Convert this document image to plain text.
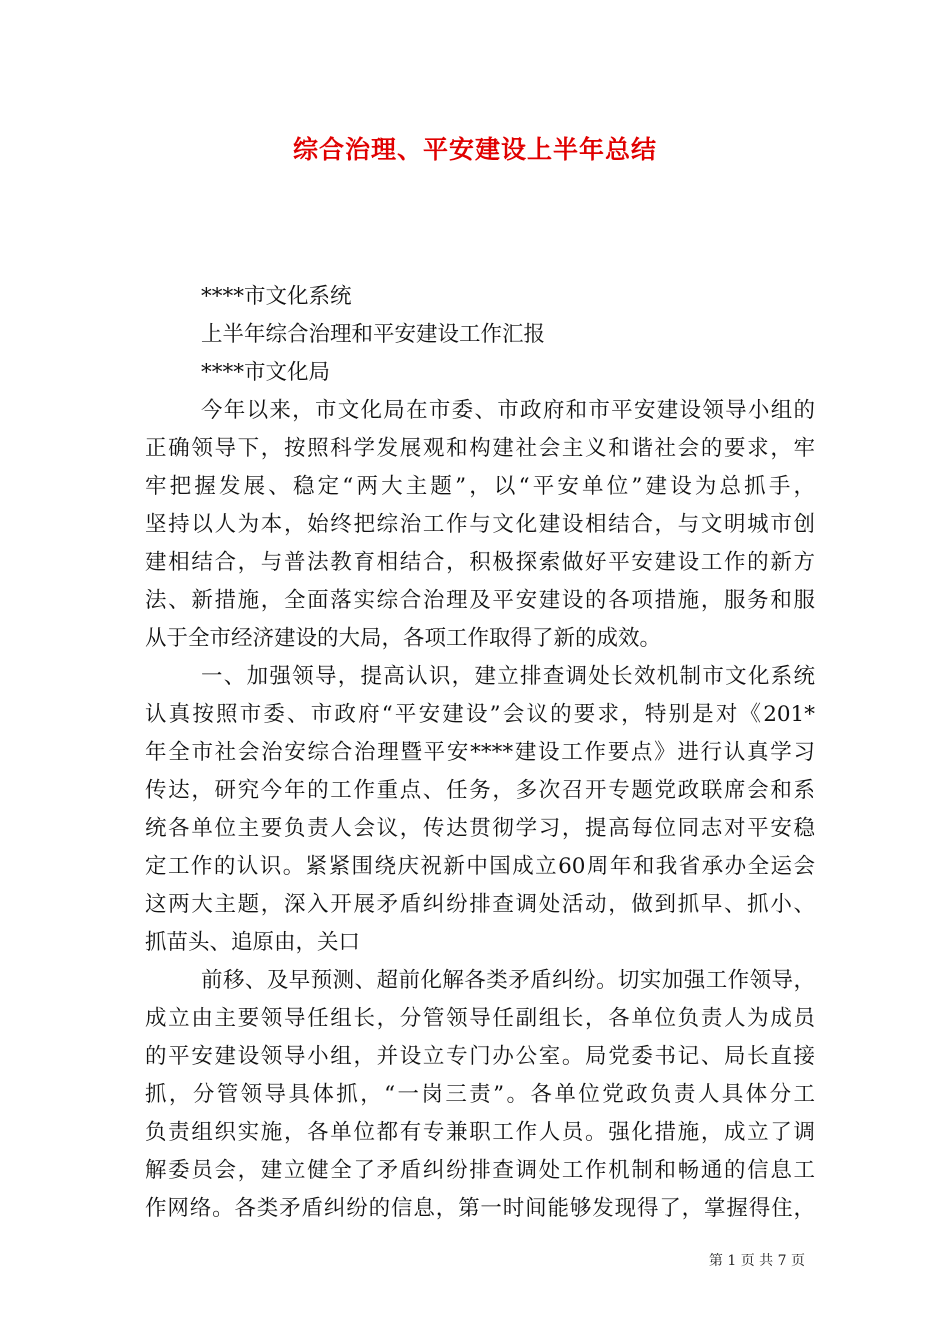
综合治理、平安建设上半年总结
****市文化系统
上半年综合治理和平安建设工作汇报
****市文化局
今年以来，市文化局在市委、市政府和市平安建设领导小组的
正确领导下，按照科学发展观和构建社会主义和谐社会的要求，牢
牢把握发展、稳定“两大主题”，以“平安单位”建设为总抓手，
坚持以人为本，始终把综治工作与文化建设相结合，与文明城市创
建相结合，与普法教育相结合，积极探索做好平安建设工作的新方
法、新措施，全面落实综合治理及平安建设的各项措施，服务和服
从于全市经济建设的大局，各项工作取得了新的成效。
一、加强领导，提高认识，建立排查调处长效机制市文化系统
认真按照市委、市政府“平安建设”会议的要求，特别是对《201*
年全市社会治安综合治理暨平安****建设工作要点》进行认真学习
传达，研究今年的工作重点、任务，多次召开专题党政联席会和系
统各单位主要负责人会议，传达贯彻学习，提高每位同志对平安稳
定工作的认识。紧紧围绕庆祝新中国成立60周年和我省承办全运会
这两大主题，深入开展矛盾纠纷排查调处活动，做到抓早、抓小、
抓苗头、追原由，关口
前移、及早预测、超前化解各类矛盾纠纷。切实加强工作领导，
成立由主要领导任组长，分管领导任副组长，各单位负责人为成员
的平安建设领导小组，并设立专门办公室。局党委书记、局长直接
抓，分管领导具体抓，“一岗三责”。各单位党政负责人具体分工
负责组织实施，各单位都有专兼职工作人员。强化措施，成立了调
解委员会，建立健全了矛盾纠纷排查调处工作机制和畅通的信息工
作网络。各类矛盾纠纷的信息，第一时间能够发现得了，掌握得住，
第 1 页 共 7 页
